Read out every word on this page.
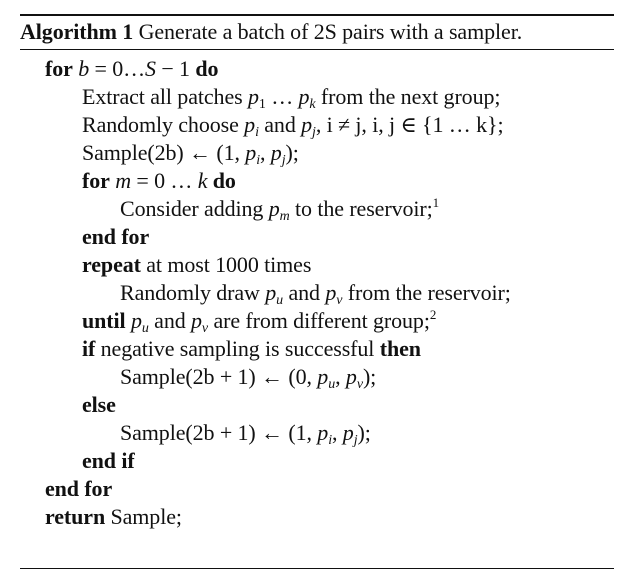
Algorithm 1 Generate a batch of 2S pairs with a sampler.
for b = 0…S − 1 do
Extract all patches $p_1$ … $p_k$ from the next group;
Randomly choose $p_i$ and $p_j$, i ≠ j, i, j ∈ {1 … k};
Sample(2b) ← (1, $p_i$, $p_j$);
for m = 0 … k do
Consider adding $p_m$ to the reservoir;$^1$
end for
repeat at most 1000 times
Randomly draw $p_u$ and $p_v$ from the reservoir;
until $p_u$ and $p_v$ are from different group;$^2$
if negative sampling is successful then
Sample(2b + 1) ← (0, $p_u$, $p_v$);
else
Sample(2b + 1) ← (1, $p_i$, $p_j$);
end if
end for
return Sample;
